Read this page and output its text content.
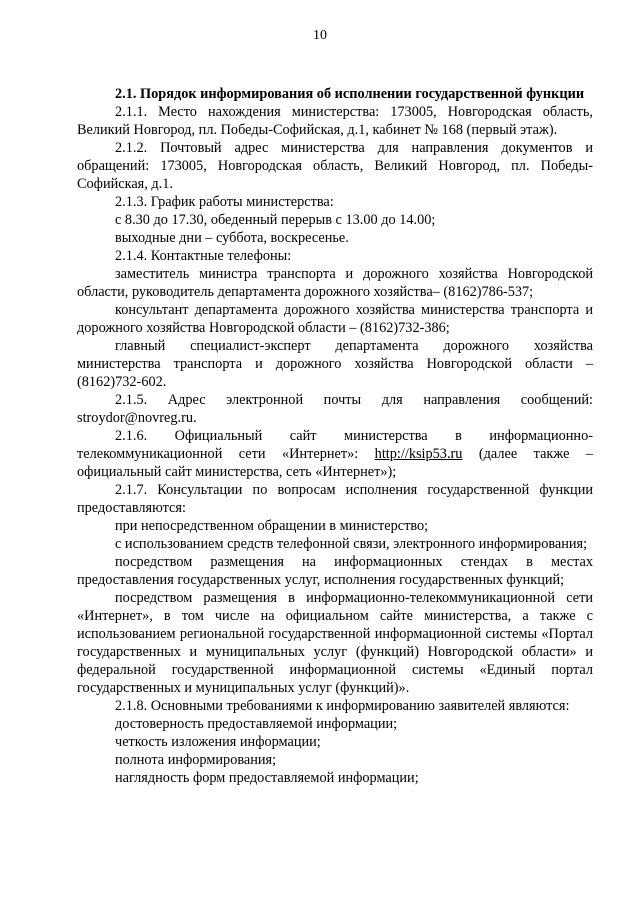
10

2.1. Порядок информирования об исполнении государственной функции

2.1.1. Место нахождения министерства: 173005, Новгородская область, Великий Новгород, пл. Победы-Софийская, д.1, кабинет № 168 (первый этаж).

2.1.2. Почтовый адрес министерства для направления документов и обращений: 173005, Новгородская область, Великий Новгород, пл. Победы-Софийская, д.1.

2.1.3. График работы министерства:

с 8.30 до 17.30, обеденный перерыв с 13.00 до 14.00;

выходные дни – суббота, воскресенье.

2.1.4. Контактные телефоны:

заместитель министра транспорта и дорожного хозяйства Новгородской области, руководитель департамента дорожного хозяйства– (8162)786-537;

консультант департамента дорожного хозяйства министерства транспорта и дорожного хозяйства Новгородской области – (8162)732-386;

главный специалист-эксперт департамента дорожного хозяйства министерства транспорта и дорожного хозяйства Новгородской области – (8162)732-602.

2.1.5. Адрес электронной почты для направления сообщений: stroydor@novreg.ru.

2.1.6. Официальный сайт министерства в информационно-телекоммуникационной сети «Интернет»: http://ksip53.ru (далее также – официальный сайт министерства, сеть «Интернет»);

2.1.7. Консультации по вопросам исполнения государственной функции предоставляются:

при непосредственном обращении в министерство;

с использованием средств телефонной связи, электронного информирования;

посредством размещения на информационных стендах в местах предоставления государственных услуг, исполнения государственных функций;

посредством размещения в информационно-телекоммуникационной сети «Интернет», в том числе на официальном сайте министерства, а также с использованием региональной государственной информационной системы «Портал государственных и муниципальных услуг (функций) Новгородской области» и федеральной государственной информационной системы «Единый портал государственных и муниципальных услуг (функций)».

2.1.8. Основными требованиями к информированию заявителей являются:

достоверность предоставляемой информации;

четкость изложения информации;

полнота информирования;

наглядность форм предоставляемой информации;
